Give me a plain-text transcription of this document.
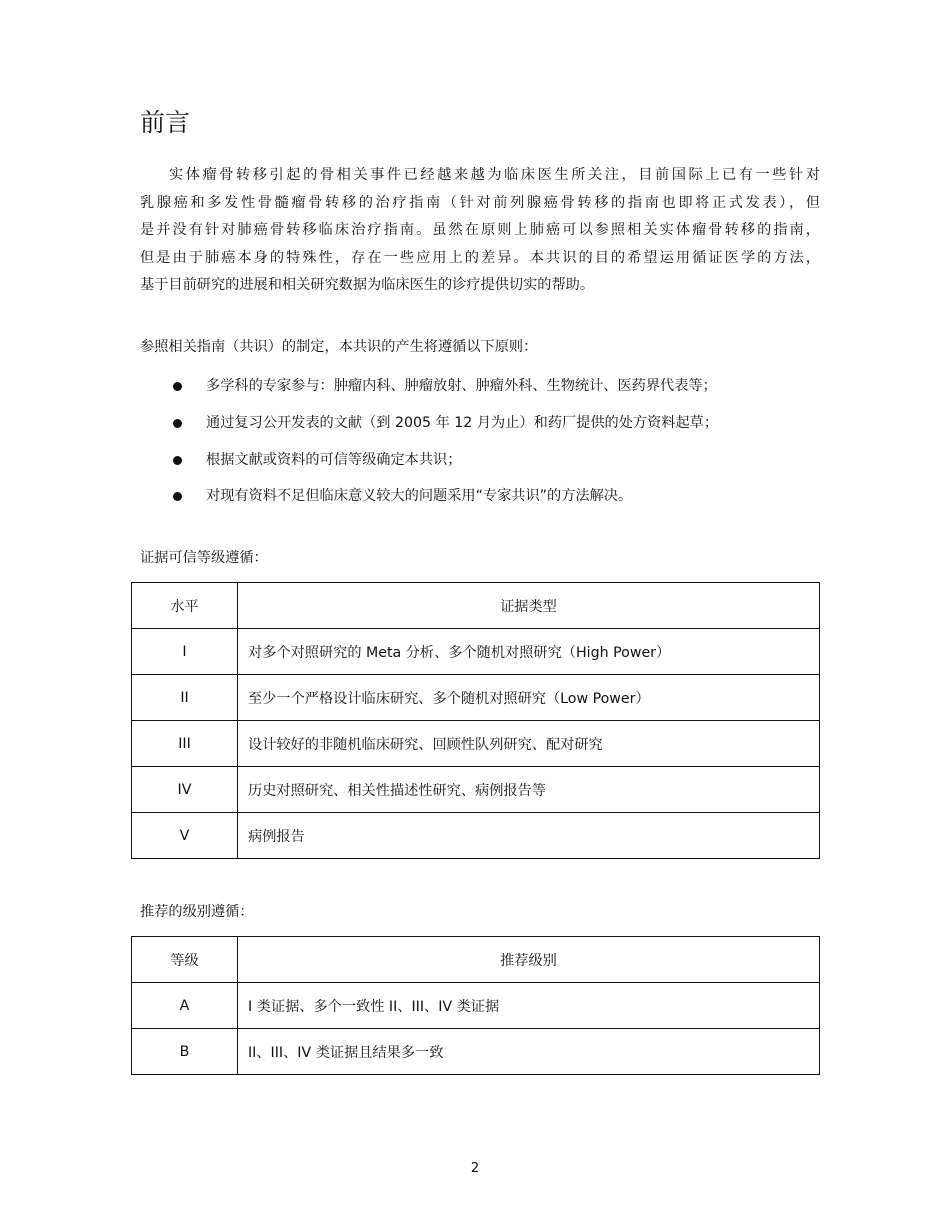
前言

实体瘤骨转移引起的骨相关事件已经越来越为临床医生所关注，目前国际上已有一些针对
乳腺癌和多发性骨髓瘤骨转移的治疗指南（针对前列腺癌骨转移的指南也即将正式发表），但
是并没有针对肺癌骨转移临床治疗指南。虽然在原则上肺癌可以参照相关实体瘤骨转移的指南，
但是由于肺癌本身的特殊性，存在一些应用上的差异。本共识的目的希望运用循证医学的方法，
基于目前研究的进展和相关研究数据为临床医生的诊疗提供切实的帮助。

参照相关指南（共识）的制定，本共识的产生将遵循以下原则：

多学科的专家参与：肿瘤内科、肿瘤放射、肿瘤外科、生物统计、医药界代表等；
通过复习公开发表的文献（到 2005 年 12 月为止）和药厂提供的处方资料起草；
根据文献或资料的可信等级确定本共识；
对现有资料不足但临床意义较大的问题采用“专家共识”的方法解决。

证据可信等级遵循：

水平	证据类型
I	对多个对照研究的 Meta 分析、多个随机对照研究（High Power）
II	至少一个严格设计临床研究、多个随机对照研究（Low Power）
III	设计较好的非随机临床研究、回顾性队列研究、配对研究
IV	历史对照研究、相关性描述性研究、病例报告等
V	病例报告

推荐的级别遵循：

等级	推荐级别
A	I 类证据、多个一致性 II、III、IV 类证据
B	II、III、IV 类证据且结果多一致

2
